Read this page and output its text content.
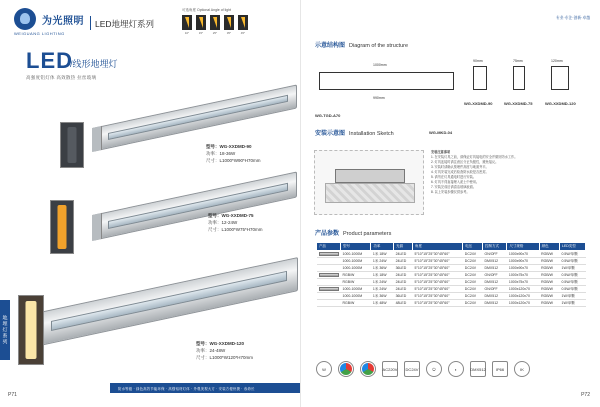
为光照明
WEIGUANG LIGHTING
LED地埋灯系列
可选角度 Optional Angle of light
10°	15°	25°	35°	45°
LED
/线形地埋灯
高强度铝灯体 高效散热 拉丝玻璃
地埋灯系列
型号：WG-XXDMD-90
功率：18-36W
尺寸：L1000*W90*H70mm
型号：WG-XXDMD-75
功率：12-24W
尺寸：L1000*W75*H70mm
型号：WG-XXDMD-120
功率：24-48W
尺寸：L1000*W120*H70mm
防水等级 · 绿色高效节能环保 · 高强铝材灯体 · 外观美观大方 · 安装方便快捷 · 寿命长
P71
专业·专注·创新·卓越
示意结构图 Diagram of the structure
1000mm
990mm
90mm	75mm	120mm
WG-XXDMD-90	WG-XXDMD-75	WG-XXDMD-120
WG-TGD-A70
安装示意图 Installation Sketch	WG-MKD-04
安装注意事项
1. 在安装灯具之前，请保证灯具接电的安全并做好防水工作。
2. 灯具连接时请注意区分正负极性，避免接反。
3. 安装时请确认预埋件高度与地面齐平。
4. 灯具安装完成后检查防水胶是否密封。
5. 请勿在灯具通电时进行安装。
6. 灯具不得直接埋入泥土中使用。
7. 安装完成后请清洁玻璃表面。
8. 以上安装步骤仅供参考。
产品参数 Product parameters
产品	型号	功率	光源	角度	电压	控制方式	尺寸规格	颜色	LED类型

	1000-1000M	1米 18W	24LED	5°10°15°25°30°45°60°	DC24V	ON/OFF	1000x90x70	RGB/W	0.5W/单颗
	1000-1000M	1米 24W	24LED	5°10°15°25°30°45°60°	DC24V	DMX512	1000x90x70	RGB/W	0.5W/单颗
	1000-1000M	1米 36W	36LED	5°10°15°25°30°45°60°	DC24V	DMX512	1000x90x70	RGB/W	1W/单颗

	RGB/W	1米 18W	24LED	5°10°15°25°30°45°60°	DC24V	ON/OFF	1000x75x70	RGB/W	0.5W/单颗
	RGB/W	1米 24W	24LED	5°10°15°25°30°45°60°	DC24V	DMX512	1000x75x70	RGB/W	0.5W/单颗

	1000-1000M	1米 24W	24LED	5°10°15°25°30°45°60°	DC24V	ON/OFF	1000x120x70	RGB/W	0.5W/单颗
	1000-1000M	1米 36W	36LED	5°10°15°25°30°45°60°	DC24V	DMX512	1000x120x70	RGB/W	1W/单颗
	RGB/W	1米 48W	48LED	5°10°15°25°30°45°60°	DC24V	DMX512	1000x120x70	RGB/W	1W/单颗
W	AC220V	DC24V	⏻	◐	DMX512	IP66	IK
P72
